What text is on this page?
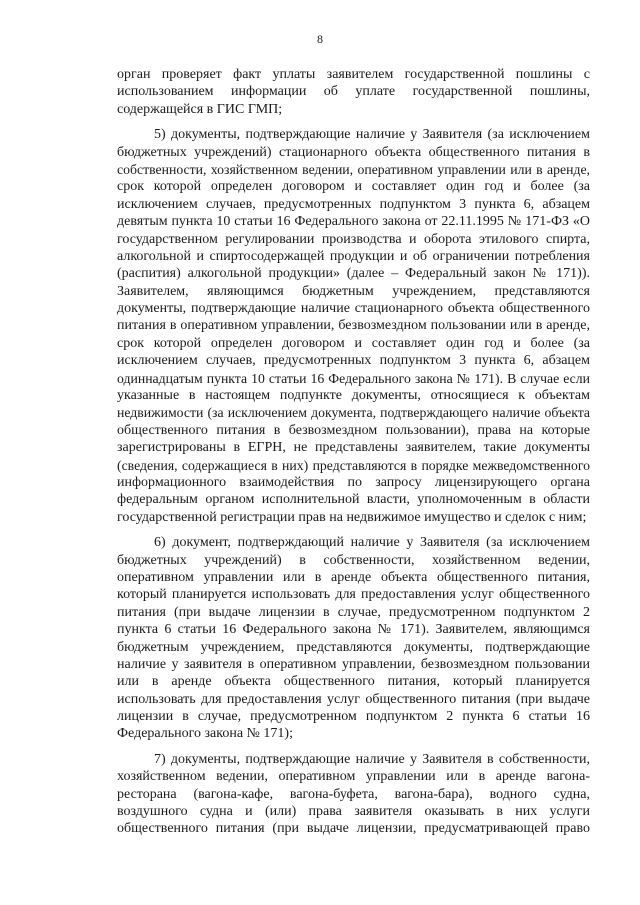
8
орган проверяет факт уплаты заявителем государственной пошлины с
использованием информации об уплате государственной пошлины,
содержащейся в ГИС ГМП;
5) документы, подтверждающие наличие у Заявителя (за исключением
бюджетных учреждений) стационарного объекта общественного питания в
собственности, хозяйственном ведении, оперативном управлении или в аренде,
срок которой определен договором и составляет один год и более (за
исключением случаев, предусмотренных подпунктом 3 пункта 6, абзацем
девятым пункта 10 статьи 16 Федерального закона от 22.11.1995 № 171-ФЗ «О
государственном регулировании производства и оборота этилового спирта,
алкогольной и спиртосодержащей продукции и об ограничении потребления
(распития) алкогольной продукции» (далее – Федеральный закон № 171)).
Заявителем, являющимся бюджетным учреждением, представляются
документы, подтверждающие наличие стационарного объекта общественного
питания в оперативном управлении, безвозмездном пользовании или в аренде,
срок которой определен договором и составляет один год и более (за
исключением случаев, предусмотренных подпунктом 3 пункта 6, абзацем
одиннадцатым пункта 10 статьи 16 Федерального закона № 171). В случае если
указанные в настоящем подпункте документы, относящиеся к объектам
недвижимости (за исключением документа, подтверждающего наличие объекта
общественного питания в безвозмездном пользовании), права на которые
зарегистрированы в ЕГРН, не представлены заявителем, такие документы
(сведения, содержащиеся в них) представляются в порядке межведомственного
информационного взаимодействия по запросу лицензирующего органа
федеральным органом исполнительной власти, уполномоченным в области
государственной регистрации прав на недвижимое имущество и сделок с ним;
6) документ, подтверждающий наличие у Заявителя (за исключением
бюджетных учреждений) в собственности, хозяйственном ведении,
оперативном управлении или в аренде объекта общественного питания,
который планируется использовать для предоставления услуг общественного
питания (при выдаче лицензии в случае, предусмотренном подпунктом 2
пункта 6 статьи 16 Федерального закона № 171). Заявителем, являющимся
бюджетным учреждением, представляются документы, подтверждающие
наличие у заявителя в оперативном управлении, безвозмездном пользовании
или в аренде объекта общественного питания, который планируется
использовать для предоставления услуг общественного питания (при выдаче
лицензии в случае, предусмотренном подпунктом 2 пункта 6 статьи 16
Федерального закона № 171);
7) документы, подтверждающие наличие у Заявителя в собственности,
хозяйственном ведении, оперативном управлении или в аренде вагона-
ресторана (вагона-кафе, вагона-буфета, вагона-бара), водного судна,
воздушного судна и (или) права заявителя оказывать в них услуги
общественного питания (при выдаче лицензии, предусматривающей право
